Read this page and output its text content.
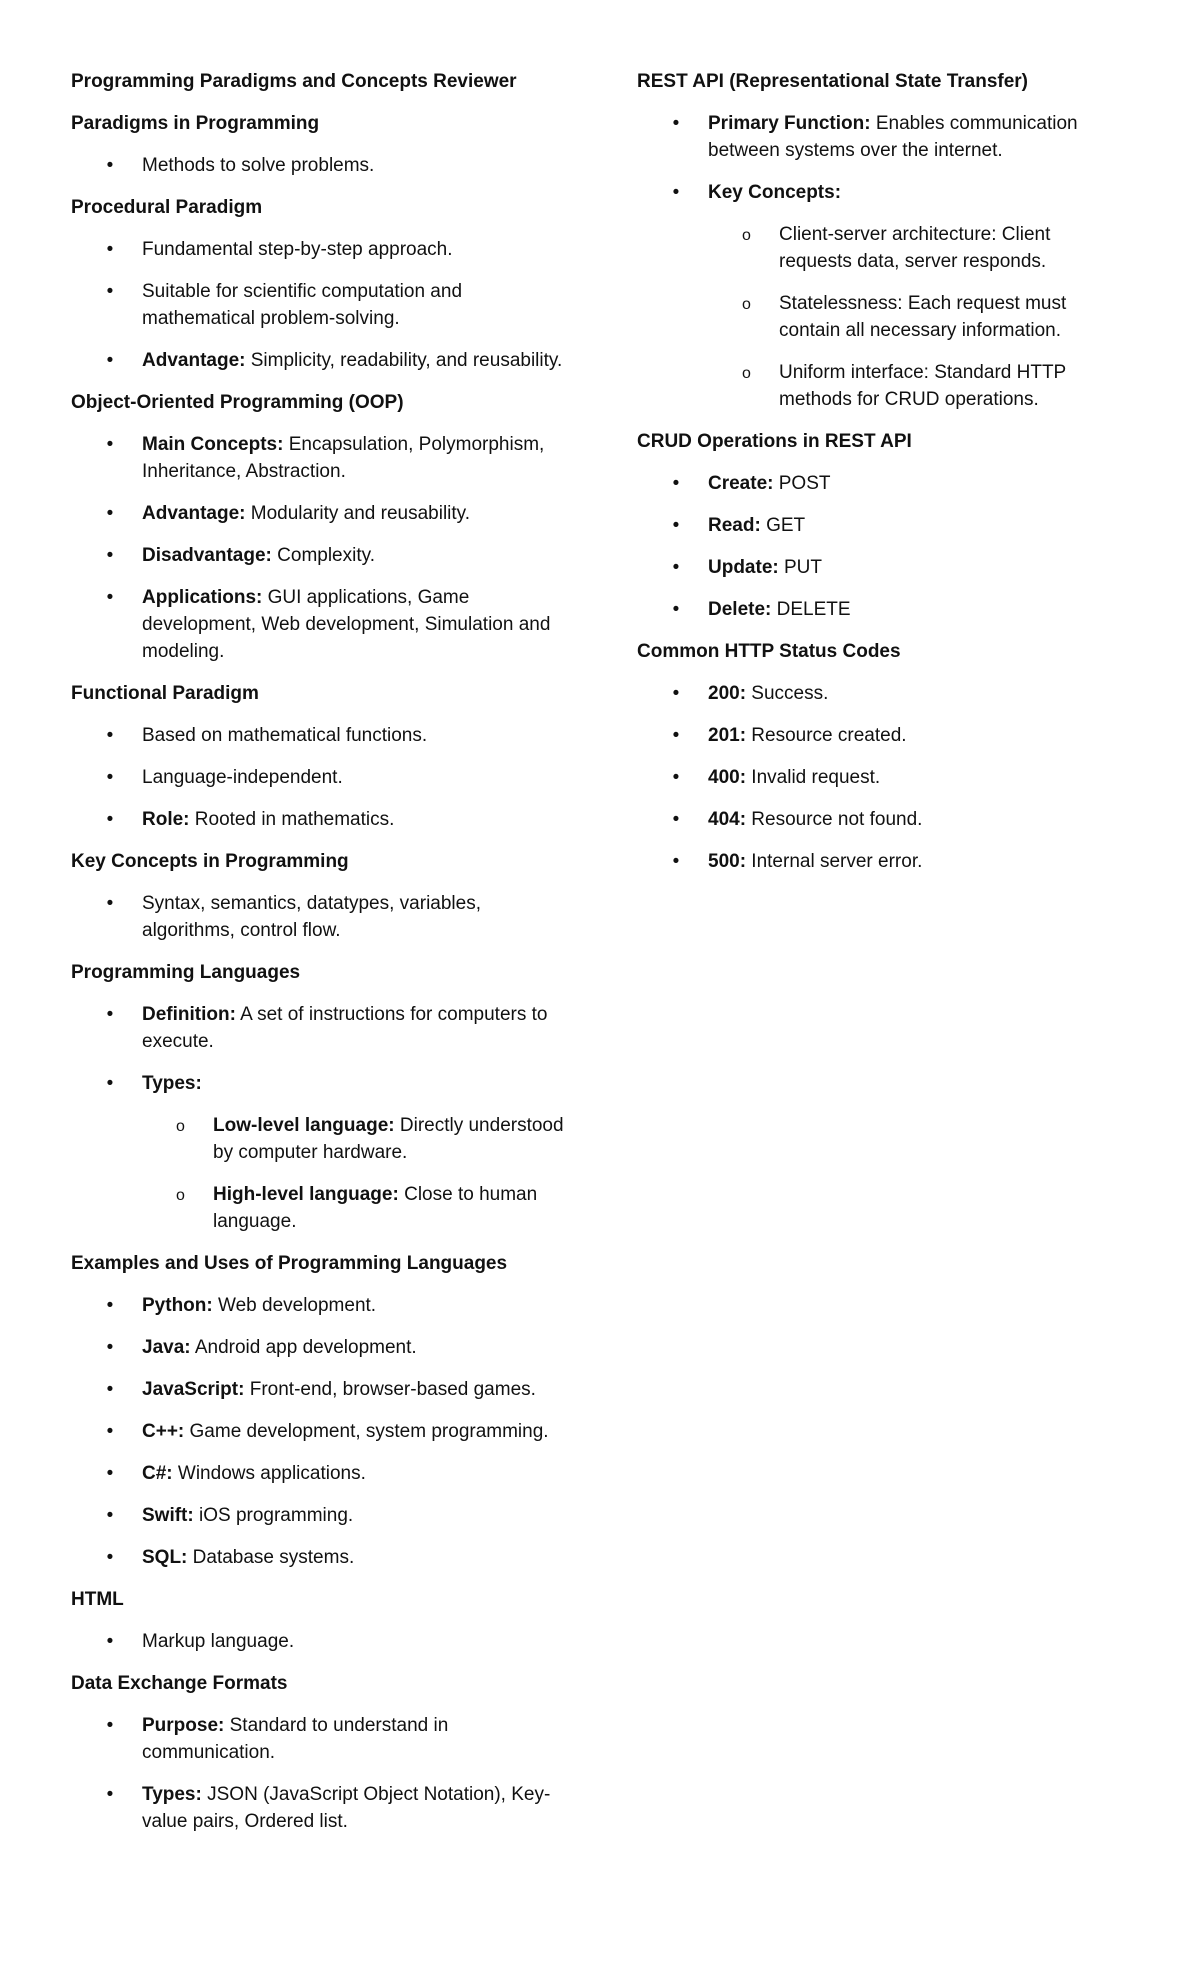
Programming Paradigms and Concepts Reviewer
Paradigms in Programming
• Methods to solve problems.
Procedural Paradigm
• Fundamental step-by-step approach.
• Suitable for scientific computation and mathematical problem-solving.
• Advantage: Simplicity, readability, and reusability.
Object-Oriented Programming (OOP)
• Main Concepts: Encapsulation, Polymorphism, Inheritance, Abstraction.
• Advantage: Modularity and reusability.
• Disadvantage: Complexity.
• Applications: GUI applications, Game development, Web development, Simulation and modeling.
Functional Paradigm
• Based on mathematical functions.
• Language-independent.
• Role: Rooted in mathematics.
Key Concepts in Programming
• Syntax, semantics, datatypes, variables, algorithms, control flow.
Programming Languages
• Definition: A set of instructions for computers to execute.
• Types:
o Low-level language: Directly understood by computer hardware.
o High-level language: Close to human language.
Examples and Uses of Programming Languages
• Python: Web development.
• Java: Android app development.
• JavaScript: Front-end, browser-based games.
• C++: Game development, system programming.
• C#: Windows applications.
• Swift: iOS programming.
• SQL: Database systems.
HTML
• Markup language.
Data Exchange Formats
• Purpose: Standard to understand in communication.
• Types: JSON (JavaScript Object Notation), Key-value pairs, Ordered list.
REST API (Representational State Transfer)
• Primary Function: Enables communication between systems over the internet.
• Key Concepts:
o Client-server architecture: Client requests data, server responds.
o Statelessness: Each request must contain all necessary information.
o Uniform interface: Standard HTTP methods for CRUD operations.
CRUD Operations in REST API
• Create: POST
• Read: GET
• Update: PUT
• Delete: DELETE
Common HTTP Status Codes
• 200: Success.
• 201: Resource created.
• 400: Invalid request.
• 404: Resource not found.
• 500: Internal server error.
